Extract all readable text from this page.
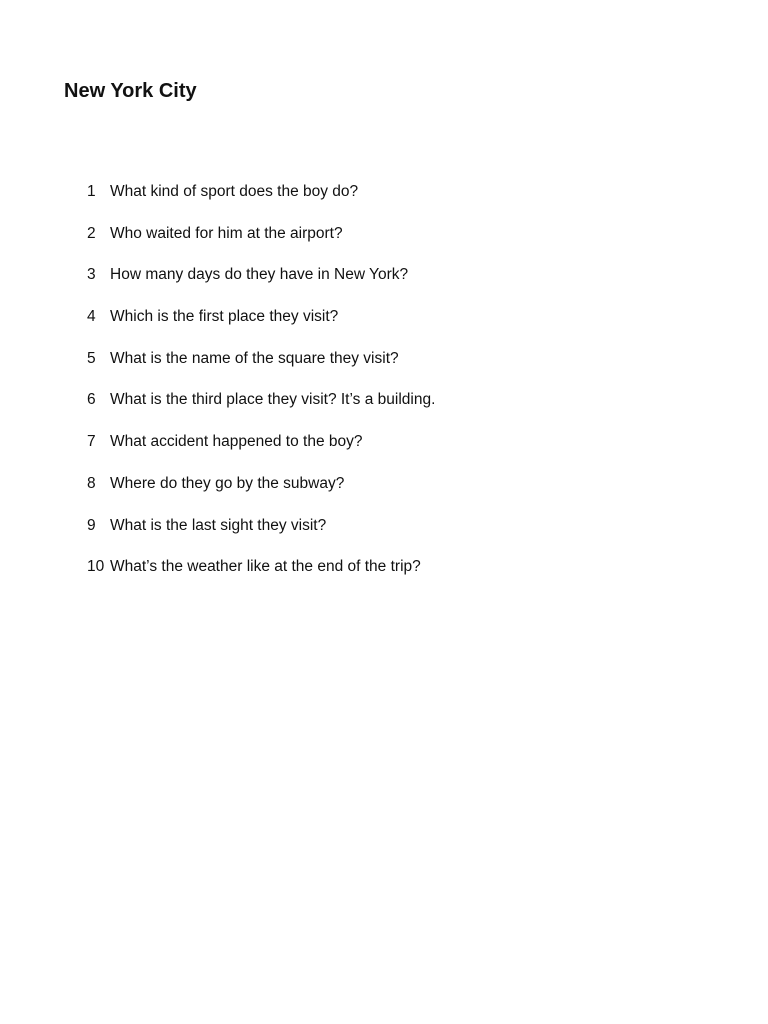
New York City
1 What kind of sport does the boy do?
2 Who waited for him at the airport?
3 How many days do they have in New York?
4 Which is the first place they visit?
5 What is the name of the square they visit?
6 What is the third place they visit? It’s a building.
7 What accident happened to the boy?
8 Where do they go by the subway?
9 What is the last sight they visit?
10 What’s the weather like at the end of the trip?
